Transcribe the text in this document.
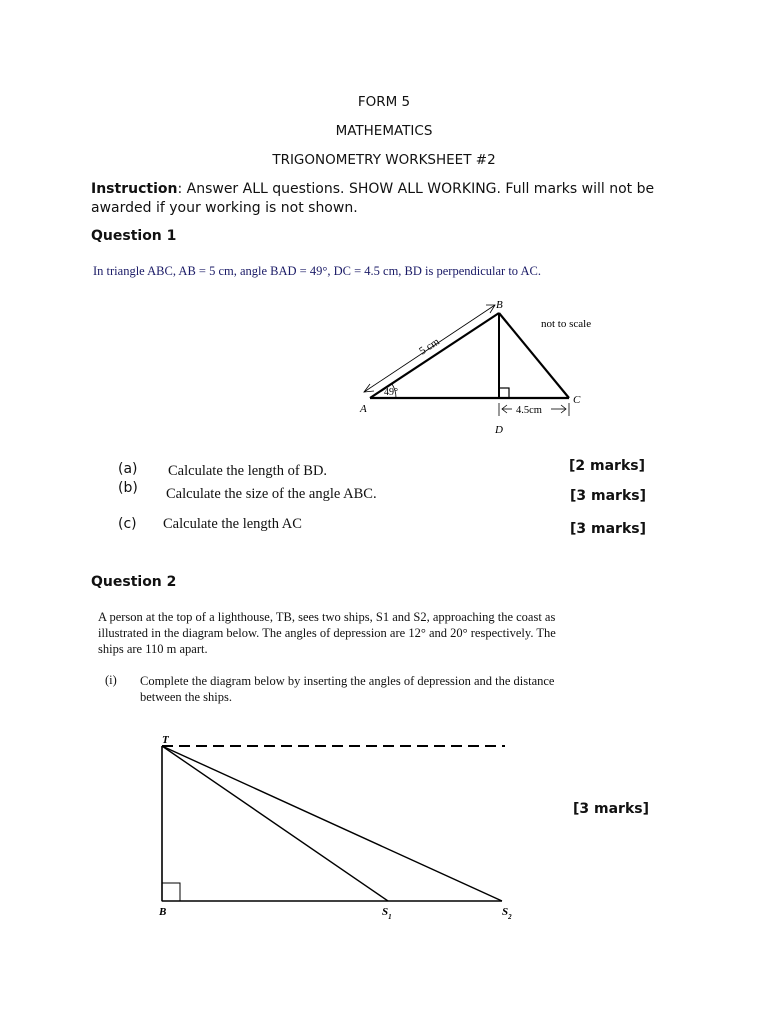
FORM 5
MATHEMATICS
TRIGONOMETRY WORKSHEET #2
Instruction: Answer ALL questions. SHOW ALL WORKING. Full marks will not be awarded if your working is not shown.
Question 1
In triangle ABC, AB = 5 cm, angle BAD = 49°, DC = 4.5 cm, BD is perpendicular to AC.
A
B
C
D
5 cm
49°
4.5cm
not to scale
(a) Calculate the length of BD.	[2 marks]
(b) Calculate the size of the angle ABC.	[3 marks]
(c) Calculate the length AC	[3 marks]
Question 2
A person at the top of a lighthouse, TB, sees two ships, S1 and S2, approaching the coast as illustrated in the diagram below. The angles of depression are 12° and 20° respectively. The ships are 110 m apart.
(i) Complete the diagram below by inserting the angles of depression and the distance between the ships.
[3 marks]
T
B	$S_1$	$S_2$
